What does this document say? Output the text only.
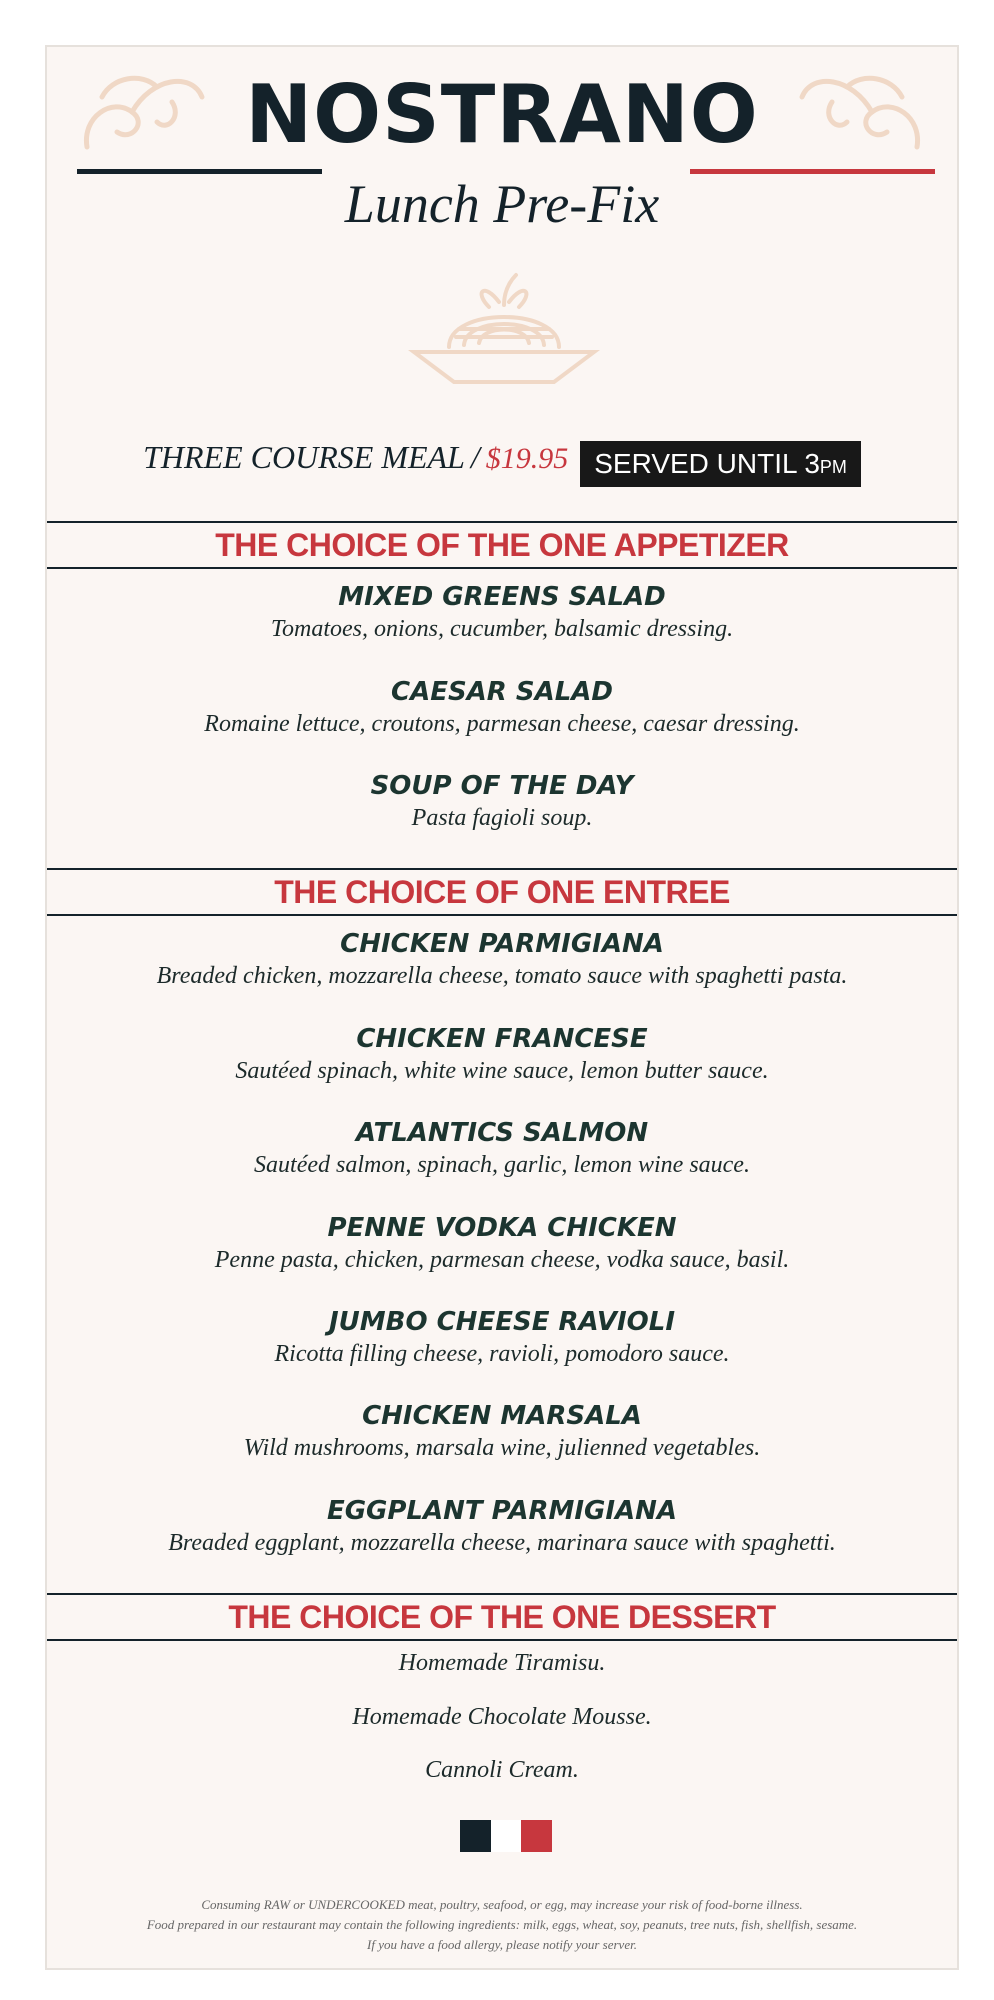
NOSTRANO
Lunch Pre-Fix
THREE COURSE MEAL / $19.95 SERVED UNTIL 3PM
THE CHOICE OF THE ONE APPETIZER
MIXED GREENS SALAD
Tomatoes, onions, cucumber, balsamic dressing.
CAESAR SALAD
Romaine lettuce, croutons, parmesan cheese, caesar dressing.
SOUP OF THE DAY
Pasta fagioli soup.
THE CHOICE OF ONE ENTREE
CHICKEN PARMIGIANA
Breaded chicken, mozzarella cheese, tomato sauce with spaghetti pasta.
CHICKEN FRANCESE
Sautéed spinach, white wine sauce, lemon butter sauce.
ATLANTICS SALMON
Sautéed salmon, spinach, garlic, lemon wine sauce.
PENNE VODKA CHICKEN
Penne pasta, chicken, parmesan cheese, vodka sauce, basil.
JUMBO CHEESE RAVIOLI
Ricotta filling cheese, ravioli, pomodoro sauce.
CHICKEN MARSALA
Wild mushrooms, marsala wine, julienned vegetables.
EGGPLANT PARMIGIANA
Breaded eggplant, mozzarella cheese, marinara sauce with spaghetti.
THE CHOICE OF THE ONE DESSERT
Homemade Tiramisu.
Homemade Chocolate Mousse.
Cannoli Cream.
Consuming RAW or UNDERCOOKED meat, poultry, seafood, or egg, may increase your risk of food-borne illness.
Food prepared in our restaurant may contain the following ingredients: milk, eggs, wheat, soy, peanuts, tree nuts, fish, shellfish, sesame.
If you have a food allergy, please notify your server.
